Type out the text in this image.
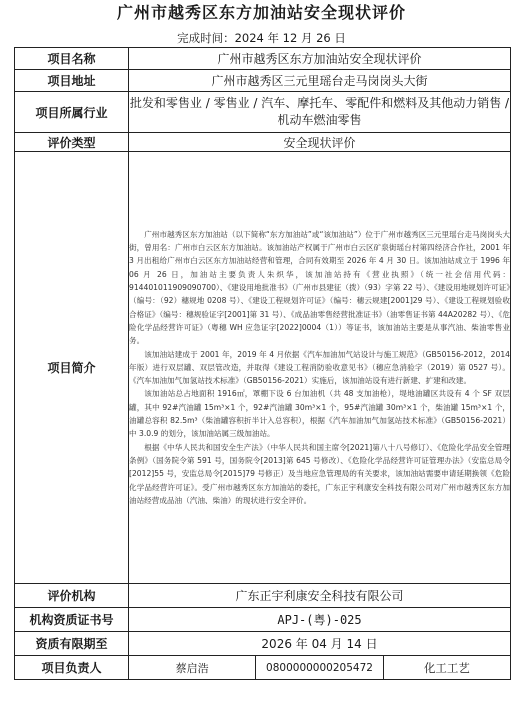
广州市越秀区东方加油站安全现状评价
完成时间：2024 年 12 月 26 日
项目名称	广州市越秀区东方加油站安全现状评价		
项目地址	广州市越秀区三元里瑶台走马岗岗头大街		
项目所属行业	批发和零售业 / 零售业 / 汽车、摩托车、零配件和燃料及其他动力销售 / 机动车燃油零售		
评价类型	安全现状评价		
项目简介	广州市越秀区东方加油站（以下简称“东方加油站”或“该加油站”）位于广州市越秀区三元里瑶台走马岗岗头大街，曾用名：广州市白云区东方加油站。该加油站产权属于广州市白云区矿泉街瑶台村第四经济合作社，2001 年 3 月出租给广州市白云区东方加油站经营和管理，合同有效期至 2026 年 4 月 30 日。该加油站成立于 1996 年 06 月 26 日，加油站主要负责人朱炽华，该加油站持有《营业执照》（统一社会信用代码：914401011909090700）、《建设用地批准书》（广州市县建征（拨）（93）字第 22 号）、《建设用地规划许可证》（编号：（92）穗规地 0208 号）、《建设工程规划许可证》（编号：穗云规建[2001]29 号）、《建设工程规划验收合格证》（编号：穗规验证字[2001]第 31 号）、《成品油零售经营批准证书》（油零售证书第 44A20282 号）、《危险化学品经营许可证》（粤穗 WH 应急证字[2022]0004（1））等证书，该加油站主要是从事汽油、柴油零售业务。

该加油站建成于 2001 年，2019 年 4 月依据《汽车加油加气站设计与施工规范》（GB50156-2012，2014 年版）进行双层罐、双层管改造，并取得《建设工程消防验收意见书》（穗应急消验字（2019）第 0527 号）。《汽车加油加气加氢站技术标准》（GB50156-2021）实施后，该加油站设有进行新建、扩建和改建。

该加油站总占地面积 1916㎡，罩棚下设 6 台加油机（共 48 支加油枪），堤地油罐区共设有 4 个 SF 双层罐，其中 92#汽油罐 15m³×1 个，92#汽油罐 30m³×1 个，95#汽油罐 30m³×1 个，柴油罐 15m³×1 个，油罐总容积 82.5m³（柴油罐容积折半计入总容积），根据《汽车加油加气加氢站技术标准》（GB50156-2021）中 3.0.9 的划分，该加油站属三级加油站。

根据《中华人民共和国安全生产法》（中华人民共和国主席令[2021]第八十八号修订）、《危险化学品安全管理条例》（国务院令第 591 号，国务院令[2013]第 645 号修改）、《危险化学品经营许可证管理办法》（安监总局令[2012]55 号，安监总局令[2015]79 号修正）及当地应急管理局的有关要求，该加油站需要申请延期换领《危险化学品经营许可证》。受广州市越秀区东方加油站的委托，广东正宇利康安全科技有限公司对广州市越秀区东方加油站经营成品油（汽油、柴油）的现状进行安全评价。		

评价机构	广东正宇利康安全科技有限公司		
机构资质证书号	APJ-(粤)-025		
资质有限期至	2026 年 04 月 14 日		
项目负责人	蔡启浩	0800000000205472	化工工艺
